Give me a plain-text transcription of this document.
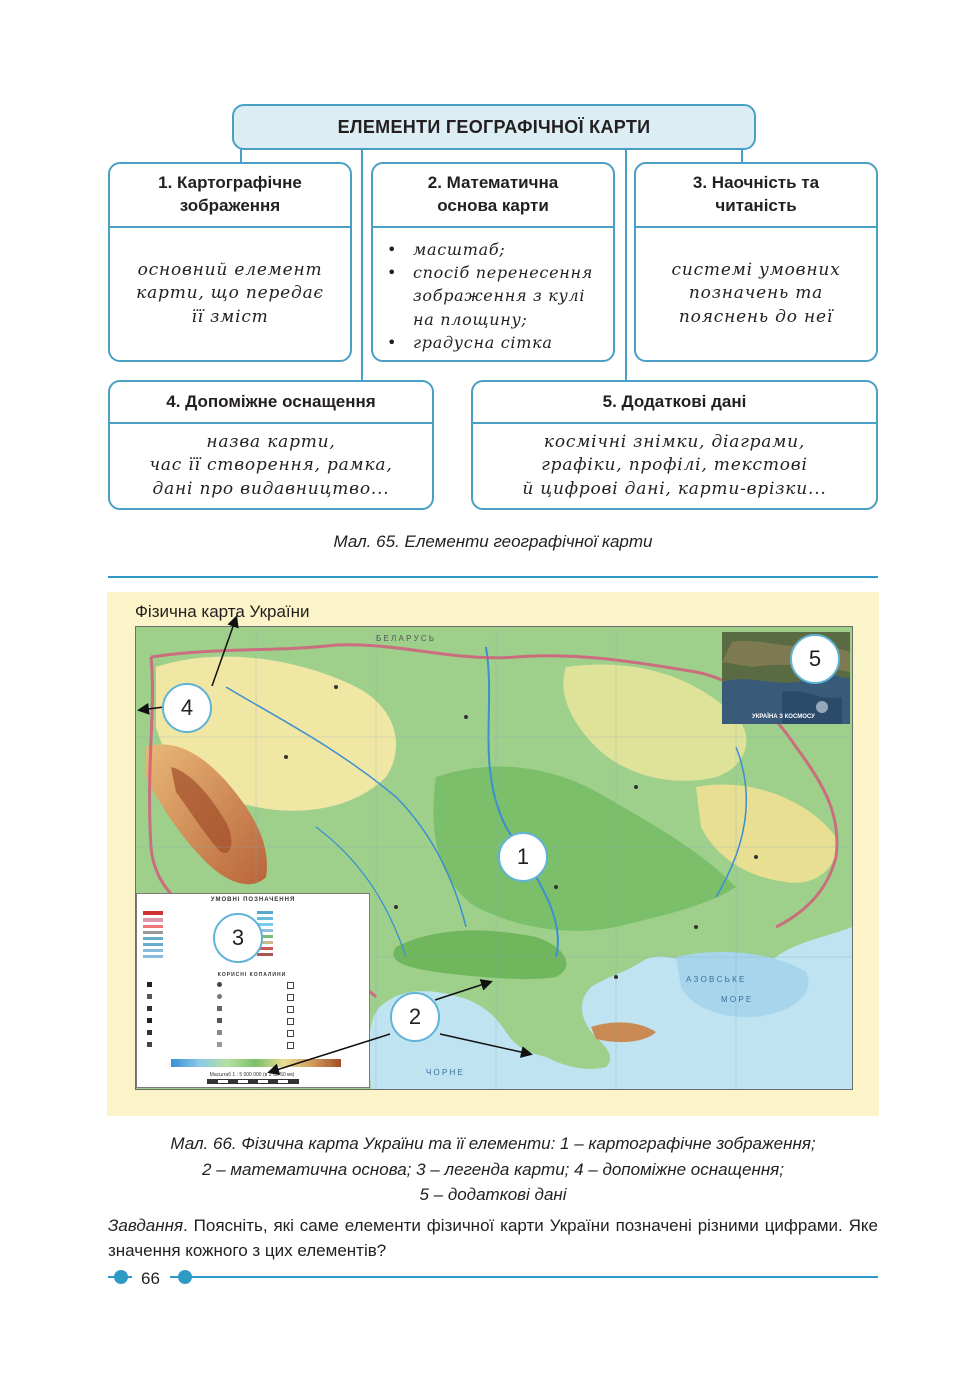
ЕЛЕМЕНТИ ГЕОГРАФІЧНОЇ КАРТИ
1. Картографічне
зображення
основний елемент
карти, що передає
її зміст
2. Математична
основа карти
• масштаб;
• спосіб перенесення
зображення з кулі
на площину;
• градусна сітка
3. Наочність та
читаність
системі умовних
позначень та
пояснень до неї
4. Допоміжне оснащення
назва карти,
час її створення, рамка,
дані про видавництво...
5. Додаткові дані
космічні знімки, діаграми,
графіки, профілі, текстові
й цифрові дані, карти-врізки...
Мал. 65. Елементи географічної карти
Фізична карта України
Б Е Л А Р У С Ь
А З О В С Ь К Е
М О Р Е
Ч О Р Н Е
УКРАЇНА З КОСМОСУ
УМОВНІ ПОЗНАЧЕННЯ
КОРИСНІ КОПАЛИНИ
Масштаб 1 : 5 000 000 (в 1 см 50 км)
1
2
3
4
5
Мал. 66. Фізична карта України та її елементи: 1 – картографічне зображення;
2 – математична основа; 3 – легенда карти; 4 – допоміжне оснащення;
5 – додаткові дані
Завдання. Поясніть, які саме елементи фізичної карти України позначені різними цифрами. Яке значення кожного з цих елементів?
66
